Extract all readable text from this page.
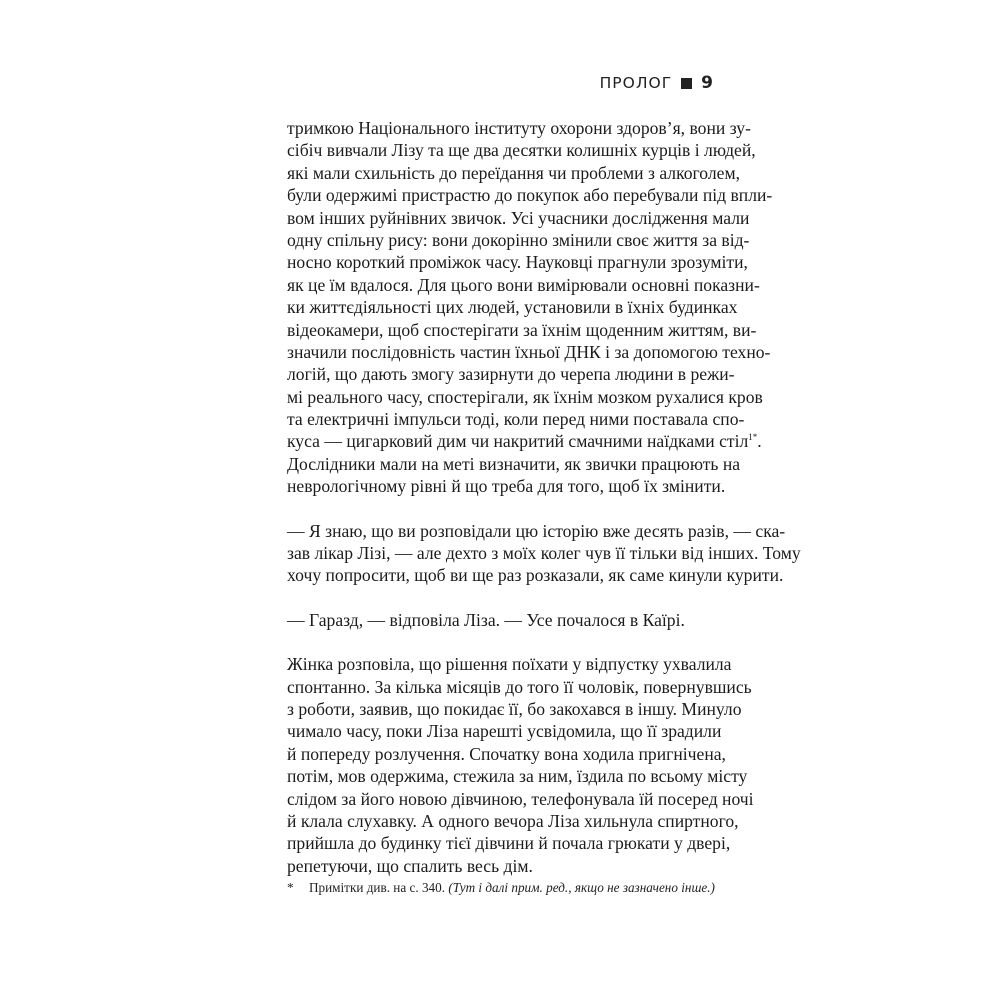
ПРОЛОГ 9
тримкою Національного інституту охорони здоров’я, вони зу-
сібіч вивчали Лізу та ще два десятки колишніх курців і людей,
які мали схильність до переїдання чи проблеми з алкоголем,
були одержимі пристрастю до покупок або перебували під впли-
вом інших руйнівних звичок. Усі учасники дослідження мали
одну спільну рису: вони докорінно змінили своє життя за від-
носно короткий проміжок часу. Науковці прагнули зрозуміти,
як це їм вдалося. Для цього вони вимірювали основні показни-
ки життєдіяльності цих людей, установили в їхніх будинках
відеокамери, щоб спостерігати за їхнім щоденним життям, ви-
значили послідовність частин їхньої ДНК і за допомогою техно-
логій, що дають змогу зазирнути до черепа людини в режи-
мі реального часу, спостерігали, як їхнім мозком рухалися кров
та електричні імпульси тоді, коли перед ними поставала спо-
куса — цигарковий дим чи накритий смачними наїдками стіл$^{1*}$.
Дослідники мали на меті визначити, як звички працюють на
неврологічному рівні й що треба для того, щоб їх змінити.
— Я знаю, що ви розповідали цю історію вже десять разів, — ска-
зав лікар Лізі, — але дехто з моїх колег чув її тільки від інших. Тому
хочу попросити, щоб ви ще раз розказали, як саме кинули курити.
— Гаразд, — відповіла Ліза. — Усе почалося в Каїрі.
Жінка розповіла, що рішення поїхати у відпустку ухвалила
спонтанно. За кілька місяців до того її чоловік, повернувшись
з роботи, заявив, що покидає її, бо закохався в іншу. Минуло
чимало часу, поки Ліза нарешті усвідомила, що її зрадили
й попереду розлучення. Спочатку вона ходила пригнічена,
потім, мов одержима, стежила за ним, їздила по всьому місту
слідом за його новою дівчиною, телефонувала їй посеред ночі
й клала слухавку. А одного вечора Ліза хильнула спиртного,
прийшла до будинку тієї дівчини й почала грюкати у двері,
репетуючи, що спалить весь дім.
* Примітки див. на с. 340. (Тут і далі прим. ред., якщо не зазначено інше.)
